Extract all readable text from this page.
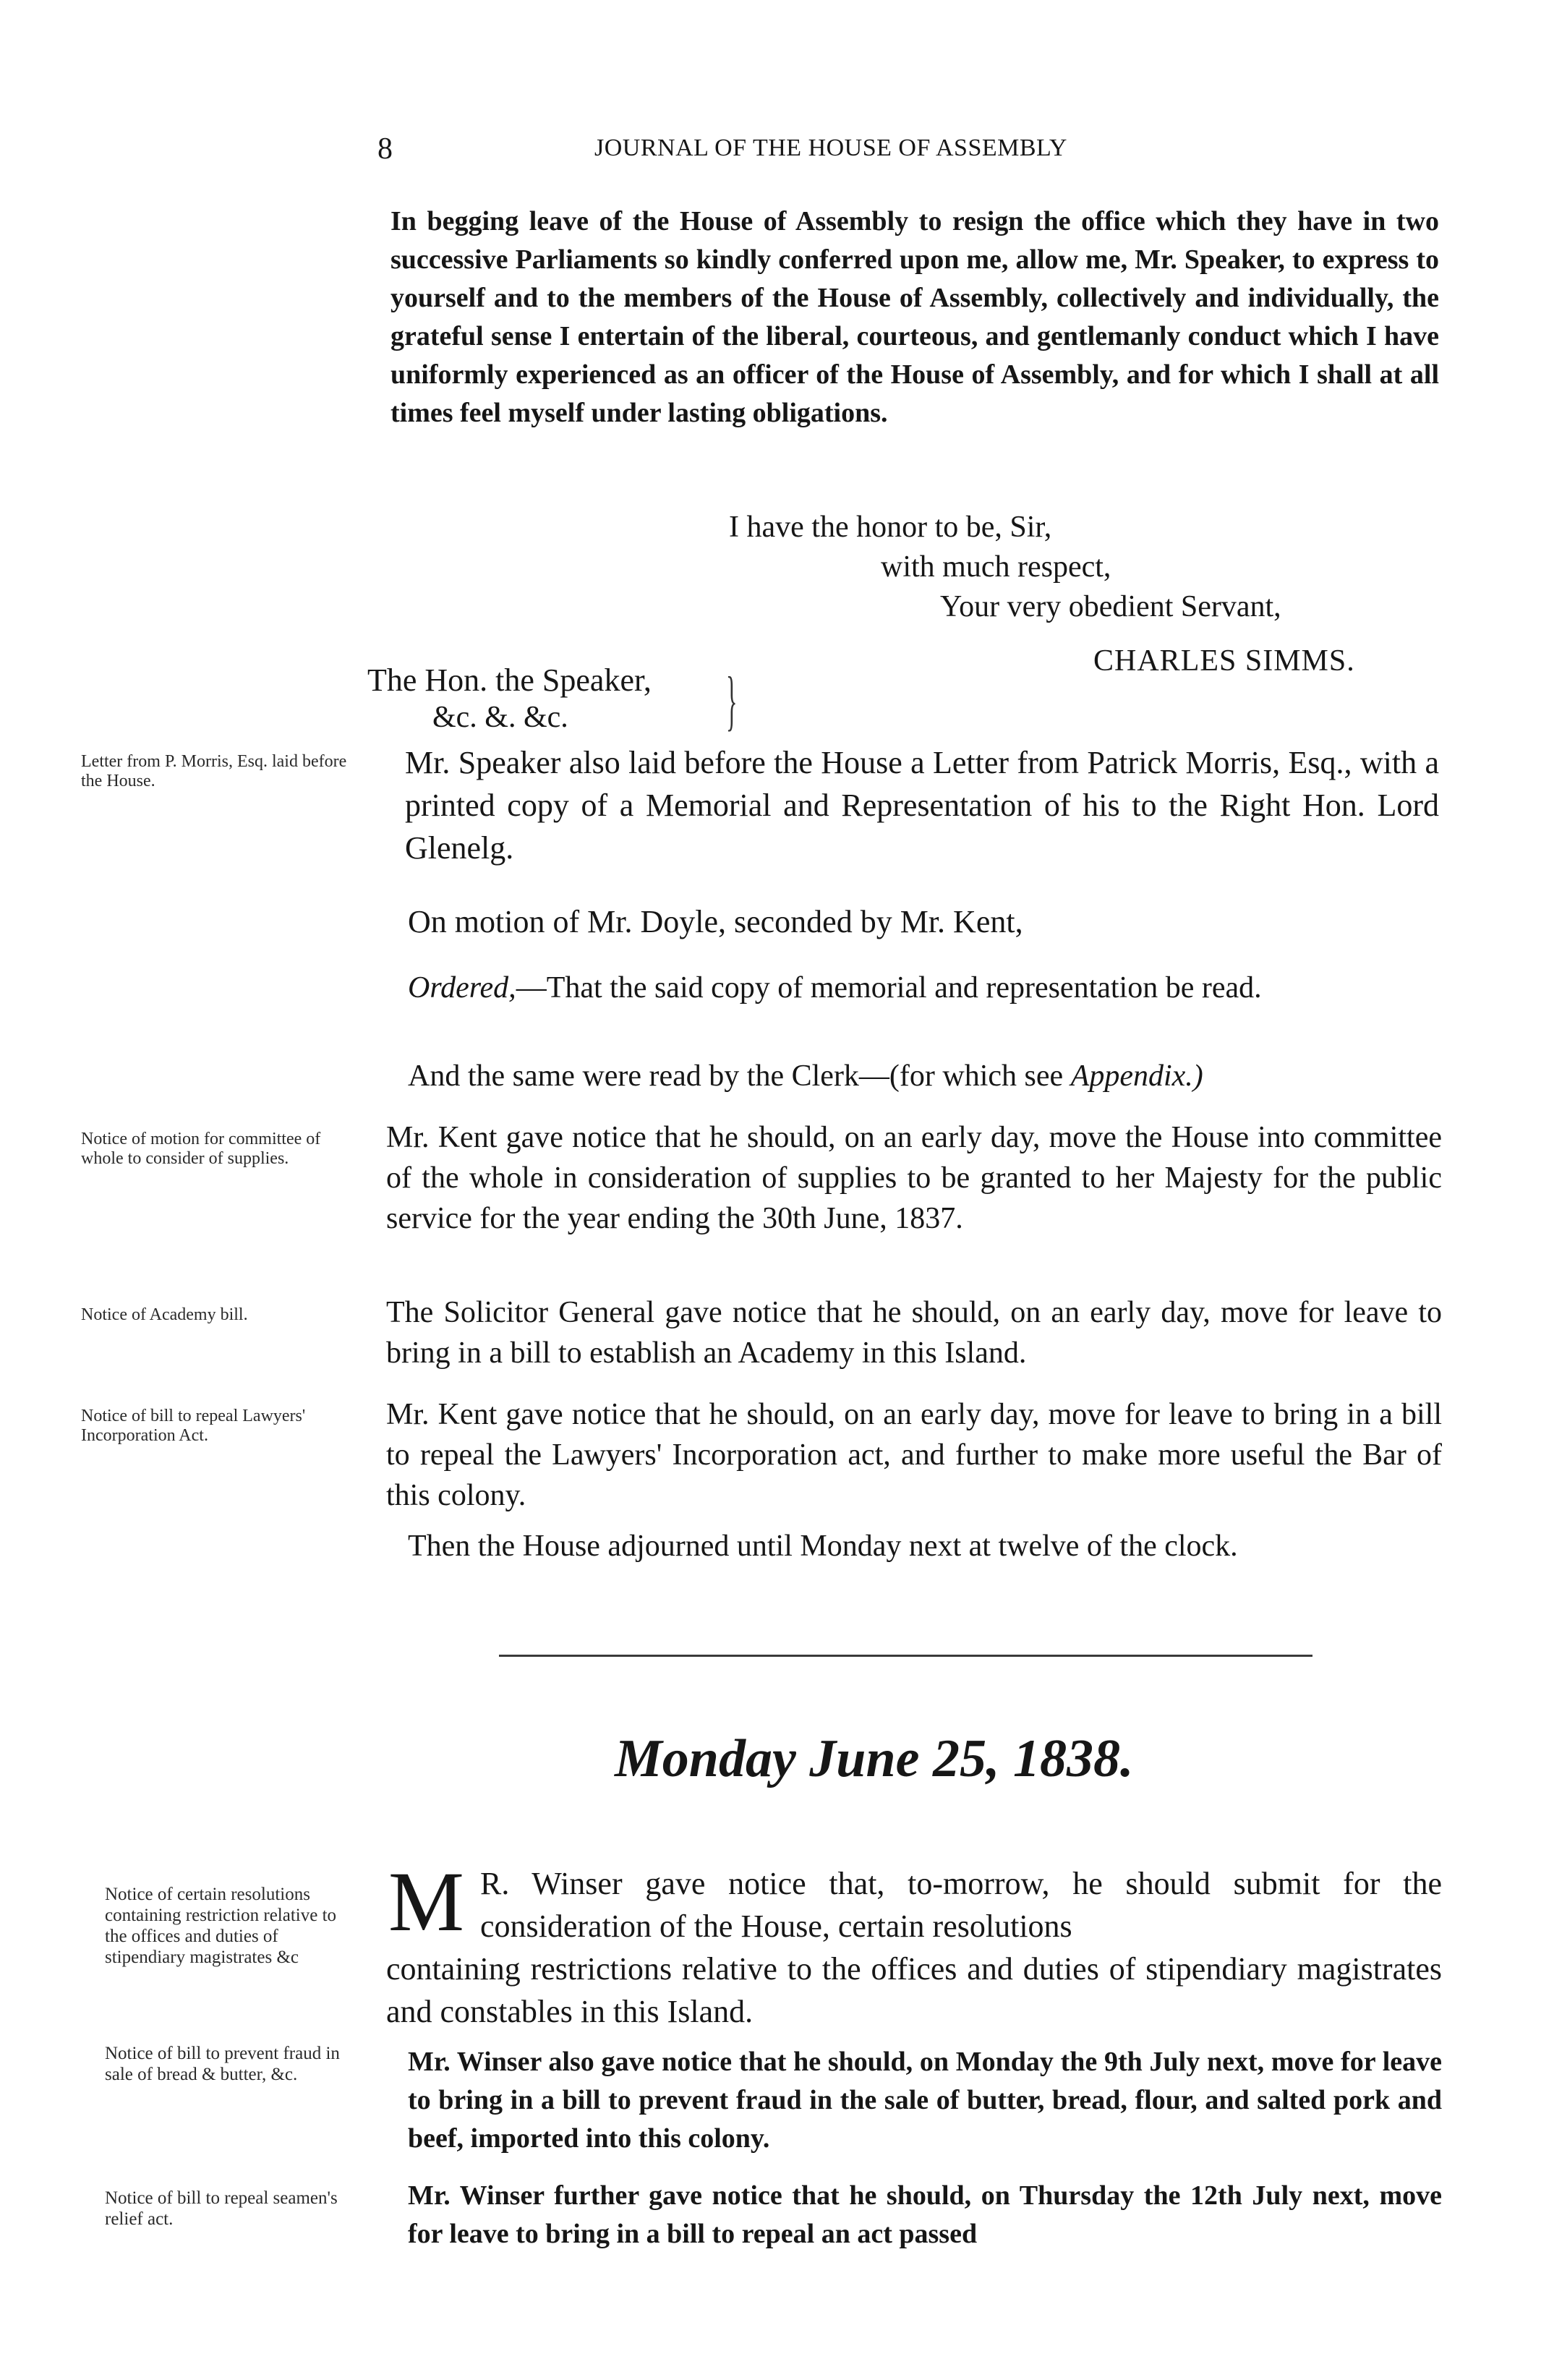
8	JOURNAL OF THE HOUSE OF ASSEMBLY
In begging leave of the House of Assembly to resign the office which they have in two successive Parliaments so kindly conferred upon me, allow me, Mr. Speaker, to express to yourself and to the members of the House of Assembly, collectively and individually, the grateful sense I entertain of the liberal, courteous, and gentlemanly conduct which I have uniformly experienced as an officer of the House of Assembly, and for which I shall at all times feel myself under lasting obligations.
I have the honor to be, Sir,
with much respect,
Your very obedient Servant,
CHARLES SIMMS.
The Hon. the Speaker,
&c. &. &c. }
Letter from P. Morris, Esq. laid before the House.
Mr. Speaker also laid before the House a Letter from Patrick Morris, Esq., with a printed copy of a Memorial and Representation of his to the Right Hon. Lord Glenelg.
On motion of Mr. Doyle, seconded by Mr. Kent,
Ordered,—That the said copy of memorial and representation be read.
And the same were read by the Clerk—(for which see Appendix.)
Notice of motion for committee of whole to consider of supplies.
Mr. Kent gave notice that he should, on an early day, move the House into committee of the whole in consideration of supplies to be granted to her Majesty for the public service for the year ending the 30th June, 1837.
Notice of Academy bill.	The Solicitor General gave notice that he should, on an early day, move for leave to bring in a bill to establish an Academy in this Island.
Notice of bill to repeal Lawyers' Incorporation Act.
Mr. Kent gave notice that he should, on an early day, move for leave to bring in a bill to repeal the Lawyers' Incorporation act, and further to make more useful the Bar of this colony.
Then the House adjourned until Monday next at twelve of the clock.
Monday June 25, 1838.
Notice of certain resolutions containing restriction relative to the offices and duties of stipendiary magistrates &c
M R. Winser gave notice that, to-morrow, he should submit for the consideration of the House, certain resolutions
containing restrictions relative to the offices and duties of stipendiary magistrates and constables in this Island.
Notice of bill to prevent fraud in sale of bread & butter, &c.	Mr. Winser also gave notice that he should, on Monday the 9th July next, move for leave to bring in a bill to prevent fraud in the sale of butter, bread, flour, and salted pork and beef, imported into this colony.
Notice of bill to repeal seamen's relief act.
Mr. Winser further gave notice that he should, on Thursday the 12th July next, move for leave to bring in a bill to repeal an act passed
